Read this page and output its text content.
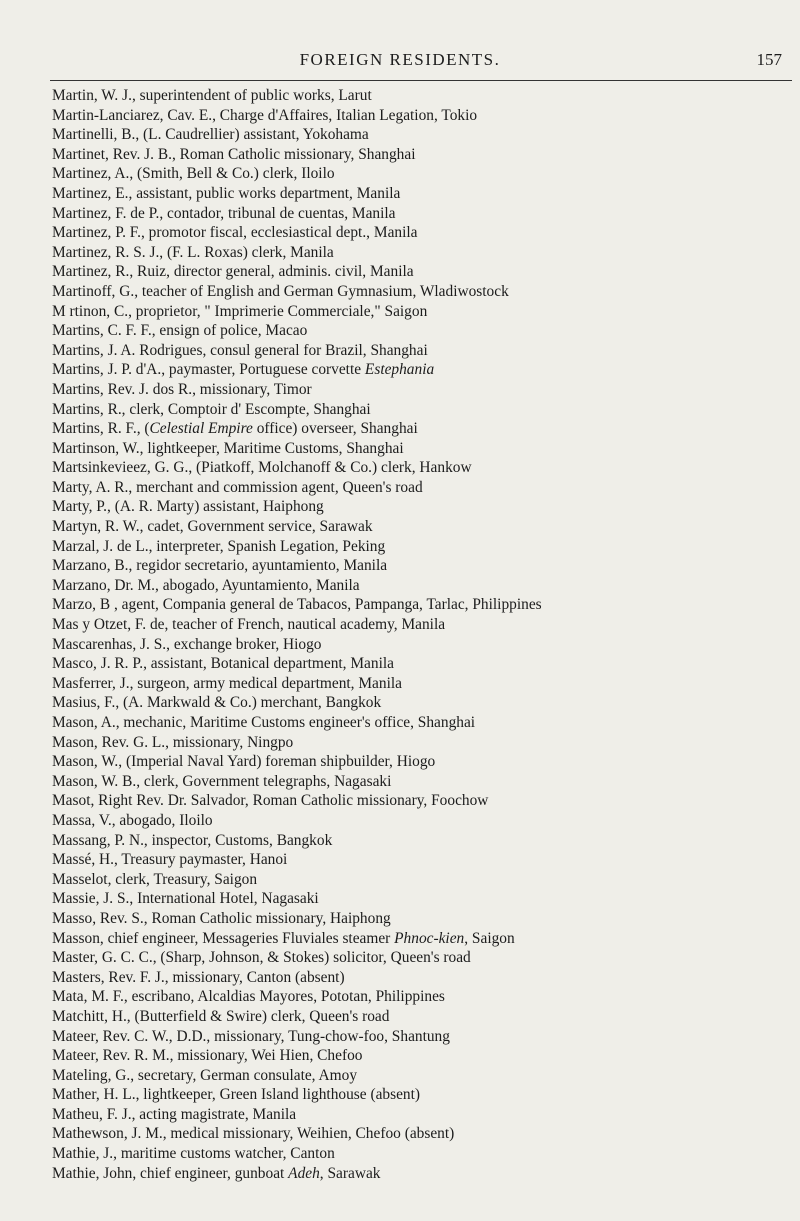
FOREIGN RESIDENTS.	157
Martin, W. J., superintendent of public works, Larut
Martin-Lanciarez, Cav. E., Charge d'Affaires, Italian Legation, Tokio
Martinelli, B., (L. Caudrellier) assistant, Yokohama
Martinet, Rev. J. B., Roman Catholic missionary, Shanghai
Martinez, A., (Smith, Bell & Co.) clerk, Iloilo
Martinez, E., assistant, public works department, Manila
Martinez, F. de P., contador, tribunal de cuentas, Manila
Martinez, P. F., promotor fiscal, ecclesiastical dept., Manila
Martinez, R. S. J., (F. L. Roxas) clerk, Manila
Martinez, R., Ruiz, director general, adminis. civil, Manila
Martinoff, G., teacher of English and German Gymnasium, Wladiwostock
M rtinon, C., proprietor, " Imprimerie Commerciale," Saigon
Martins, C. F. F., ensign of police, Macao
Martins, J. A. Rodrigues, consul general for Brazil, Shanghai
Martins, J. P. d'A., paymaster, Portuguese corvette Estephania
Martins, Rev. J. dos R., missionary, Timor
Martins, R., clerk, Comptoir d' Escompte, Shanghai
Martins, R. F., (Celestial Empire office) overseer, Shanghai
Martinson, W., lightkeeper, Maritime Customs, Shanghai
Martsinkevieez, G. G., (Piatkoff, Molchanoff & Co.) clerk, Hankow
Marty, A. R., merchant and commission agent, Queen's road
Marty, P., (A. R. Marty) assistant, Haiphong
Martyn, R. W., cadet, Government service, Sarawak
Marzal, J. de L., interpreter, Spanish Legation, Peking
Marzano, B., regidor secretario, ayuntamiento, Manila
Marzano, Dr. M., abogado, Ayuntamiento, Manila
Marzo, B , agent, Compania general de Tabacos, Pampanga, Tarlac, Philippines
Mas y Otzet, F. de, teacher of French, nautical academy, Manila
Mascarenhas, J. S., exchange broker, Hiogo
Masco, J. R. P., assistant, Botanical department, Manila
Masferrer, J., surgeon, army medical department, Manila
Masius, F., (A. Markwald & Co.) merchant, Bangkok
Mason, A., mechanic, Maritime Customs engineer's office, Shanghai
Mason, Rev. G. L., missionary, Ningpo
Mason, W., (Imperial Naval Yard) foreman shipbuilder, Hiogo
Mason, W. B., clerk, Government telegraphs, Nagasaki
Masot, Right Rev. Dr. Salvador, Roman Catholic missionary, Foochow
Massa, V., abogado, Iloilo
Massang, P. N., inspector, Customs, Bangkok
Massé, H., Treasury paymaster, Hanoi
Masselot, clerk, Treasury, Saigon
Massie, J. S., International Hotel, Nagasaki
Masso, Rev. S., Roman Catholic missionary, Haiphong
Masson, chief engineer, Messageries Fluviales steamer Phnoc-kien, Saigon
Master, G. C. C., (Sharp, Johnson, & Stokes) solicitor, Queen's road
Masters, Rev. F. J., missionary, Canton (absent)
Mata, M. F., escribano, Alcaldias Mayores, Pototan, Philippines
Matchitt, H., (Butterfield & Swire) clerk, Queen's road
Mateer, Rev. C. W., D.D., missionary, Tung-chow-foo, Shantung
Mateer, Rev. R. M., missionary, Wei Hien, Chefoo
Mateling, G., secretary, German consulate, Amoy
Mather, H. L., lightkeeper, Green Island lighthouse (absent)
Matheu, F. J., acting magistrate, Manila
Mathewson, J. M., medical missionary, Weihien, Chefoo (absent)
Mathie, J., maritime customs watcher, Canton
Mathie, John, chief engineer, gunboat Adeh, Sarawak
